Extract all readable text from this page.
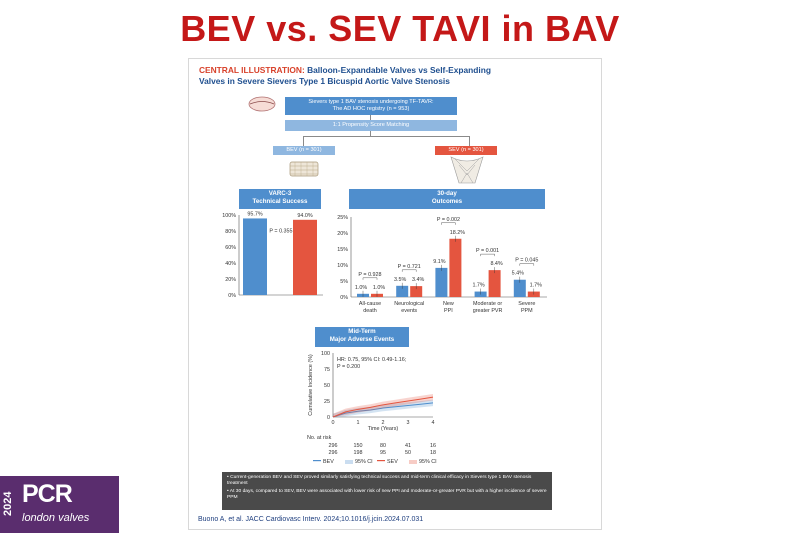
BEV vs. SEV TAVI in BAV
CENTRAL ILLUSTRATION: Balloon-Expandable Valves vs Self-Expanding
Valves in Severe Sievers Type 1 Bicuspid Aortic Valve Stenosis
Sievers type 1 BAV stenosis undergoing TF-TAVR:
The AD HOC registry (n = 953)
1:1 Propensity Score Matching
BEV (n = 301)	SEV (n = 301)
VARC-3
Technical Success
100%
80%
60%
40%
20%
0%
95.7%	94.0%
P = 0.355
30-day
Outcomes
25%
20%
15%
10%
5%
0%
1.0% 1.0%
P = 0.928
All-cause
death
3.5% 3.4%
P = 0.721
Neurological
events
9.1%
18.2%
P = 0.002
New
PPI
1.7%
8.4%
P = 0.001
Moderate or
greater PVR
5.4%
1.7%
P = 0.045
Severe
PPM
Mid-Term
Major Adverse Events
Cumulative Incidence (%)
100
75
50
25
0
0	1	2	3	4
Time (Years)
HR: 0.75, 95% CI: 0.49-1.16;
P = 0.200
No. at risk
296	150	80	41	16
296	198	95	50	18
BEV	95% CI	SEV	95% CI

• Current-generation BEV and SEV proved similarly satisfying technical success and mid-term clinical efficacy in Sievers type 1 BAV stenosis treatment

• At 30 days, compared to SEV, BEV were associated with lower risk of new PPI and moderate-or-greater PVR but with a higher incidence of severe PPM

Buono A, et al. JACC Cardiovasc Interv. 2024;10.1016/j.jcin.2024.07.031
2024 PCR
london valves
